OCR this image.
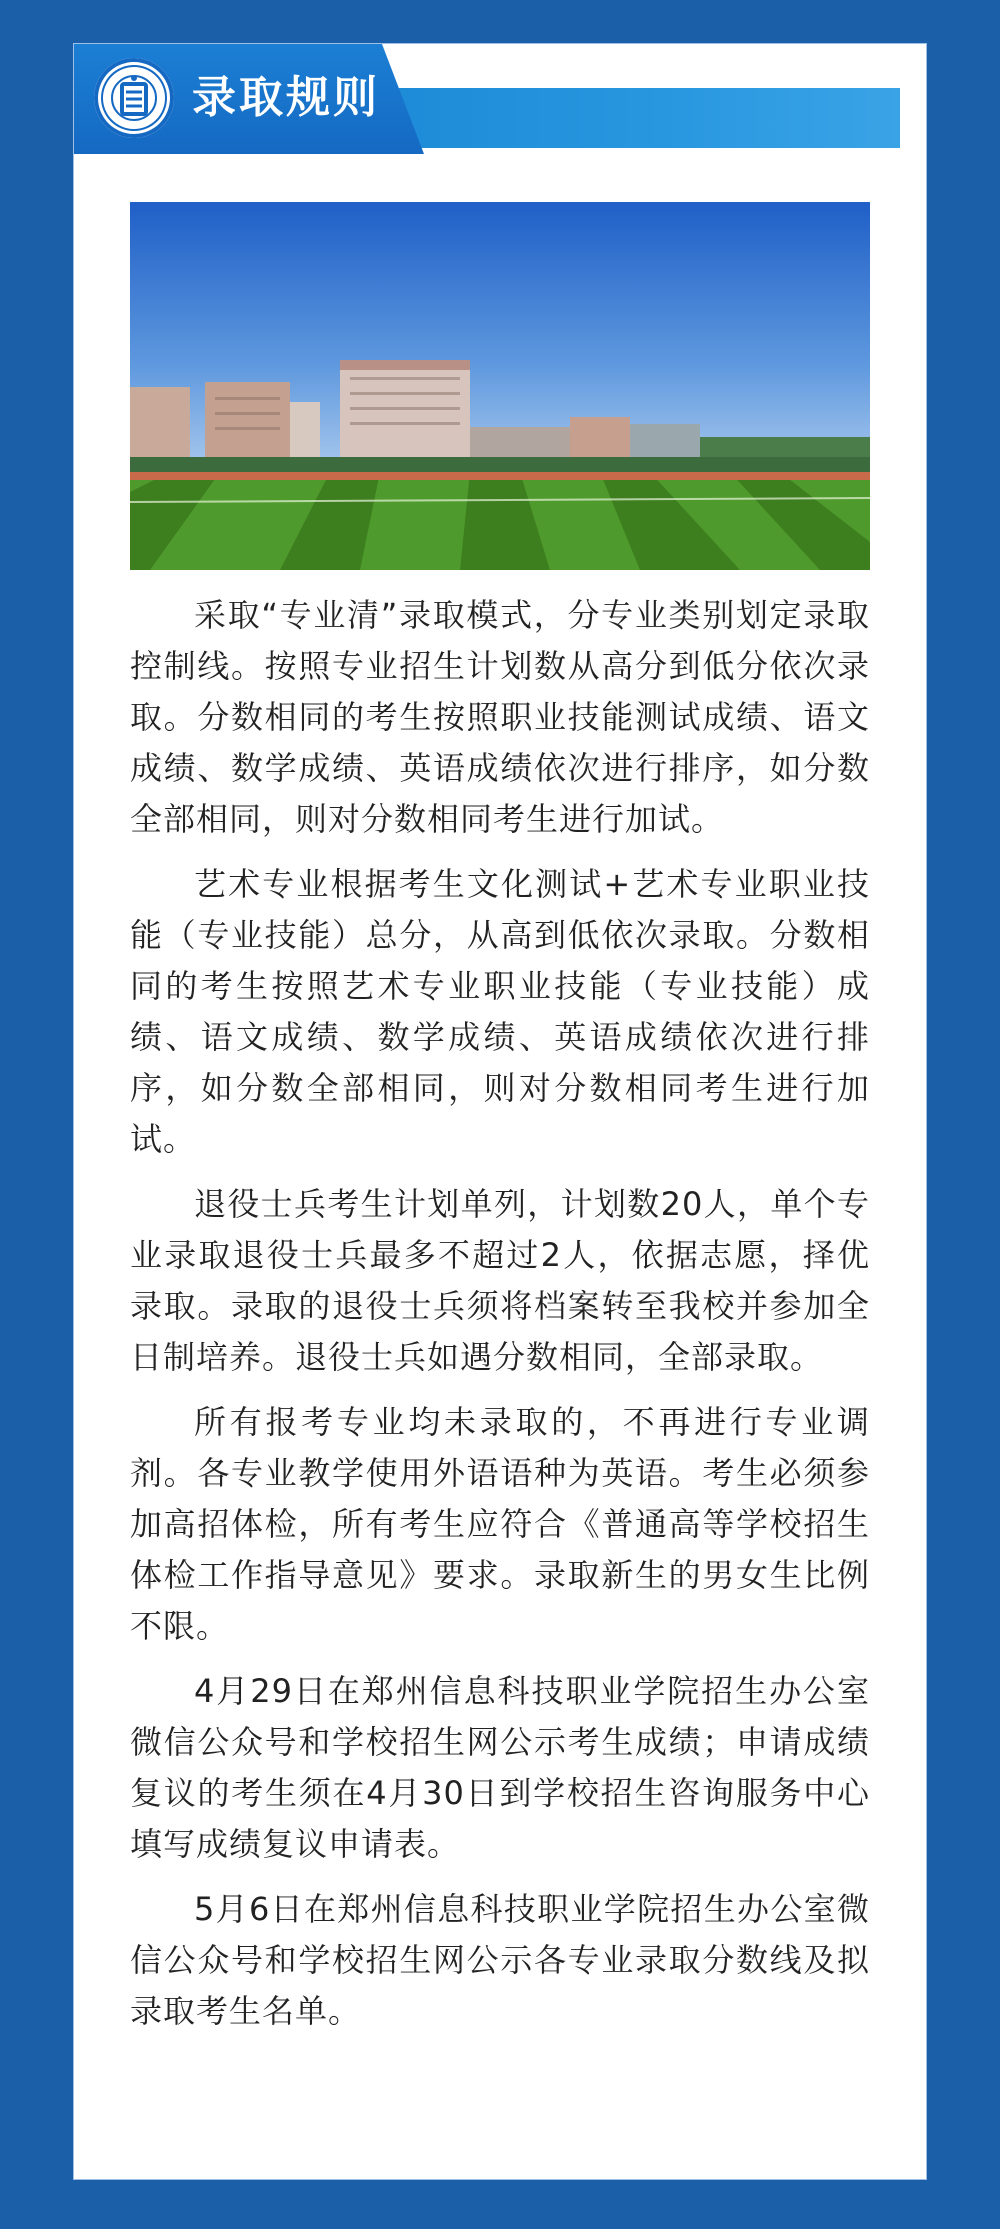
录取规则

采取“专业清”录取模式，分专业类别划定录取控制线。按照专业招生计划数从高分到低分依次录取。分数相同的考生按照职业技能测试成绩、语文成绩、数学成绩、英语成绩依次进行排序，如分数全部相同，则对分数相同考生进行加试。

艺术专业根据考生文化测试+艺术专业职业技能（专业技能）总分，从高到低依次录取。分数相同的考生按照艺术专业职业技能（专业技能）成绩、语文成绩、数学成绩、英语成绩依次进行排序，如分数全部相同，则对分数相同考生进行加试。

退役士兵考生计划单列，计划数20人，单个专业录取退役士兵最多不超过2人，依据志愿，择优录取。录取的退役士兵须将档案转至我校并参加全日制培养。退役士兵如遇分数相同，全部录取。

所有报考专业均未录取的，不再进行专业调剂。各专业教学使用外语语种为英语。考生必须参加高招体检，所有考生应符合《普通高等学校招生体检工作指导意见》要求。录取新生的男女生比例不限。

4月29日在郑州信息科技职业学院招生办公室微信公众号和学校招生网公示考生成绩；申请成绩复议的考生须在4月30日到学校招生咨询服务中心填写成绩复议申请表。

5月6日在郑州信息科技职业学院招生办公室微信公众号和学校招生网公示各专业录取分数线及拟录取考生名单。
